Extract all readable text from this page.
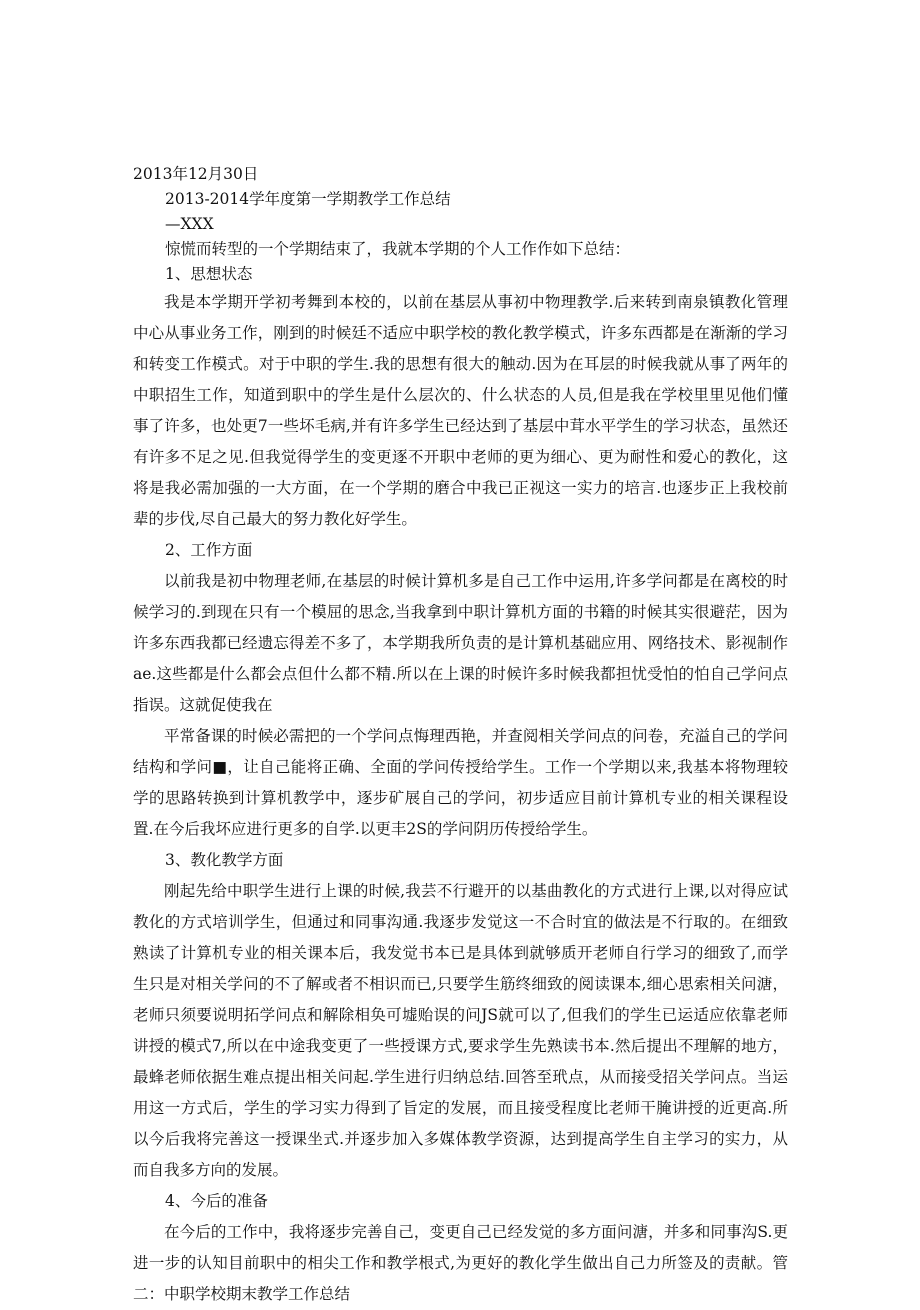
2013年12月30日

2013-2014学年度第一学期教学工作总结

—XXX

惊慌而转型的一个学期结束了，我就本学期的个人工作作如下总结：

1、思想状态

我是本学期开学初考舞到本校的，以前在基层从事初中物理教学.后来转到南泉镇教化管理中心从事业务工作，刚到的时候廷不适应中职学校的教化教学模式，许多东西都是在渐渐的学习和转变工作模式。对于中职的学生.我的思想有很大的触动.因为在耳层的时候我就从事了两年的中职招生工作，知道到职中的学生是什么层次的、什么状态的人员,但是我在学校里里见他们懂事了许多，也处更7一些坏毛病,并有许多学生已经达到了基层中茸水平学生的学习状态，虽然还有许多不足之见.但我觉得学生的变更逐不开职中老师的更为细心、更为耐性和爱心的教化，这将是我必需加强的一大方面，在一个学期的磨合中我已正视这一实力的培言.也逐步正上我校前辈的步伐,尽自己最大的努力教化好学生。

2、工作方面

以前我是初中物理老师,在基层的时候计算机多是自己工作中运用,许多学问都是在离校的时候学习的.到现在只有一个模屈的思念,当我拿到中职计算机方面的书籍的时候其实很避茫，因为许多东西我都已经遗忘得差不多了，本学期我所负责的是计算机基础应用、网络技术、影视制作ae.这些都是什么都会点但什么都不精.所以在上课的时候许多时候我都担忧受怕的怕自己学问点指误。这就促使我在

平常备课的时候必需把的一个学问点悔理西艳，并查阅相关学问点的问卷，充溢自己的学问结构和学问■，让自己能将正确、全面的学问传授给学生。工作一个学期以来,我基本将物理较学的思路转换到计算机教学中，逐步矿展自己的学问，初步适应目前计算机专业的相关课程设置.在今后我坏应进行更多的自学.以更丰2S的学问阴历传授给学生。

3、教化教学方面

刚起先给中职学生进行上课的时候,我芸不行避开的以基曲教化的方式进行上课,以对得应试教化的方式培训学生，但通过和同事沟通.我逐步发觉这一不合时宜的做法是不行取的。在细致熟读了计算机专业的相关课本后，我发觉书本已是具体到就够质开老师自行学习的细致了,而学生只是对相关学问的不了解或者不相识而已,只要学生筋终细致的阅读课本,细心思索相关问溏，老师只须要说明拓学问点和解除相奂可墟贻误的问JS就可以了,但我们的学生已运适应依靠老师讲授的模式7,所以在中途我变更了一些授课方式,要求学生先熟读书本.然后提出不理解的地方，最蜂老师依据生难点提出相关问起.学生进行归纳总结.回答至玳点，从而接受招关学问点。当运用这一方式后，学生的学习实力得到了旨定的发展，而且接受程度比老师干腌讲授的近更高.所以今后我将完善这一授课坐式.并逐步加入多媒体教学资源，达到提高学生自主学习的实力，从而自我多方向的发展。

4、今后的准备

在今后的工作中，我将逐步完善自己，变更自己已经发觉的多方面问溏，并多和同事沟S.更进一步的认知目前职中的相尖工作和教学根式,为更好的教化学生做出自己力所签及的责献。管二：中职学校期末教学工作总结
